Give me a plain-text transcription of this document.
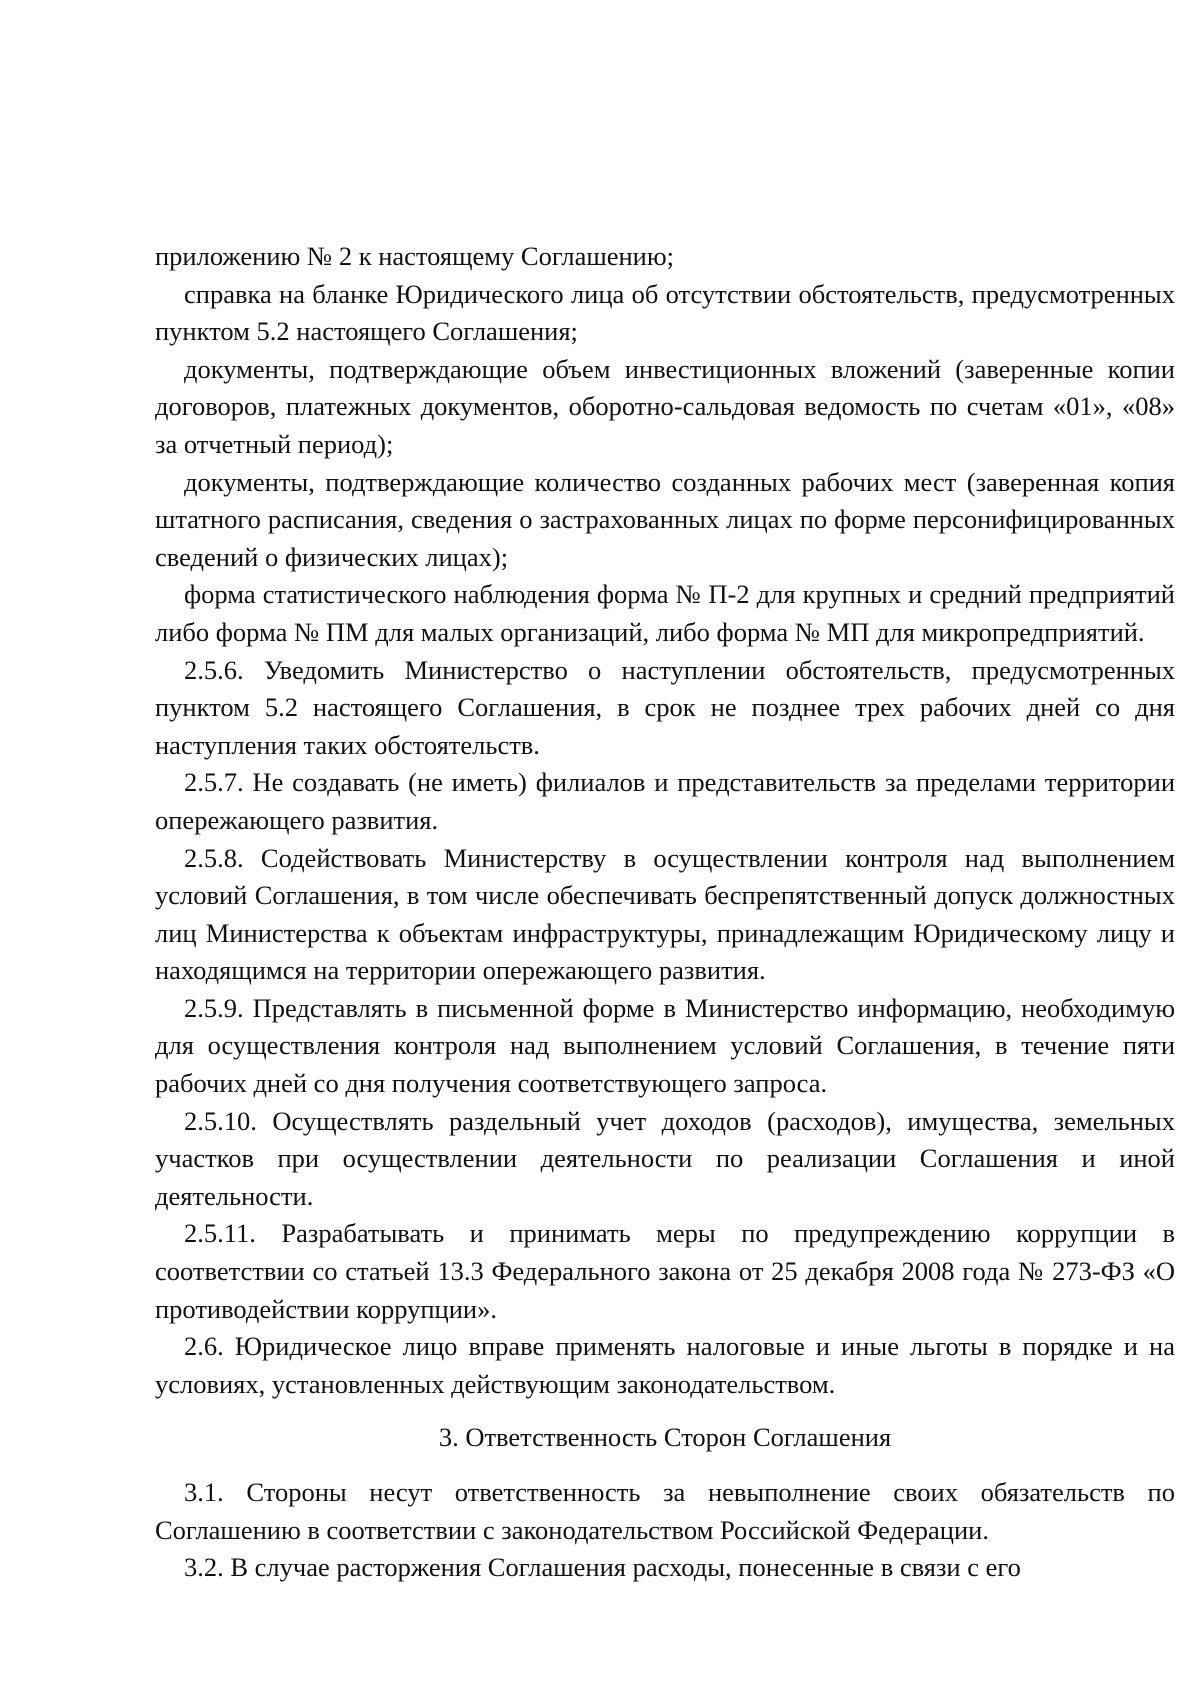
приложению № 2 к настоящему Соглашению;

справка на бланке Юридического лица об отсутствии обстоятельств, предусмотренных пунктом 5.2 настоящего Соглашения;

документы, подтверждающие объем инвестиционных вложений (заверенные копии договоров, платежных документов, оборотно-сальдовая ведомость по счетам «01», «08» за отчетный период);

документы, подтверждающие количество созданных рабочих мест (заверенная копия штатного расписания, сведения о застрахованных лицах по форме персонифицированных сведений о физических лицах);

форма статистического наблюдения форма № П-2 для крупных и средний предприятий либо форма № ПМ для малых организаций, либо форма № МП для микропредприятий.

2.5.6. Уведомить Министерство о наступлении обстоятельств, предусмотренных пунктом 5.2 настоящего Соглашения, в срок не позднее трех рабочих дней со дня наступления таких обстоятельств.

2.5.7. Не создавать (не иметь) филиалов и представительств за пределами территории опережающего развития.

2.5.8. Содействовать Министерству в осуществлении контроля над выполнением условий Соглашения, в том числе обеспечивать беспрепятственный допуск должностных лиц Министерства к объектам инфраструктуры, принадлежащим Юридическому лицу и находящимся на территории опережающего развития.

2.5.9. Представлять в письменной форме в Министерство информацию, необходимую для осуществления контроля над выполнением условий Соглашения, в течение пяти рабочих дней со дня получения соответствующего запроса.

2.5.10. Осуществлять раздельный учет доходов (расходов), имущества, земельных участков при осуществлении деятельности по реализации Соглашения и иной деятельности.

2.5.11. Разрабатывать и принимать меры по предупреждению коррупции в соответствии со статьей 13.3 Федерального закона от 25 декабря 2008 года № 273-ФЗ «О противодействии коррупции».

2.6. Юридическое лицо вправе применять налоговые и иные льготы в порядке и на условиях, установленных действующим законодательством.

3. Ответственность Сторон Соглашения

3.1. Стороны несут ответственность за невыполнение своих обязательств по Соглашению в соответствии с законодательством Российской Федерации.

3.2. В случае расторжения Соглашения расходы, понесенные в связи с его
